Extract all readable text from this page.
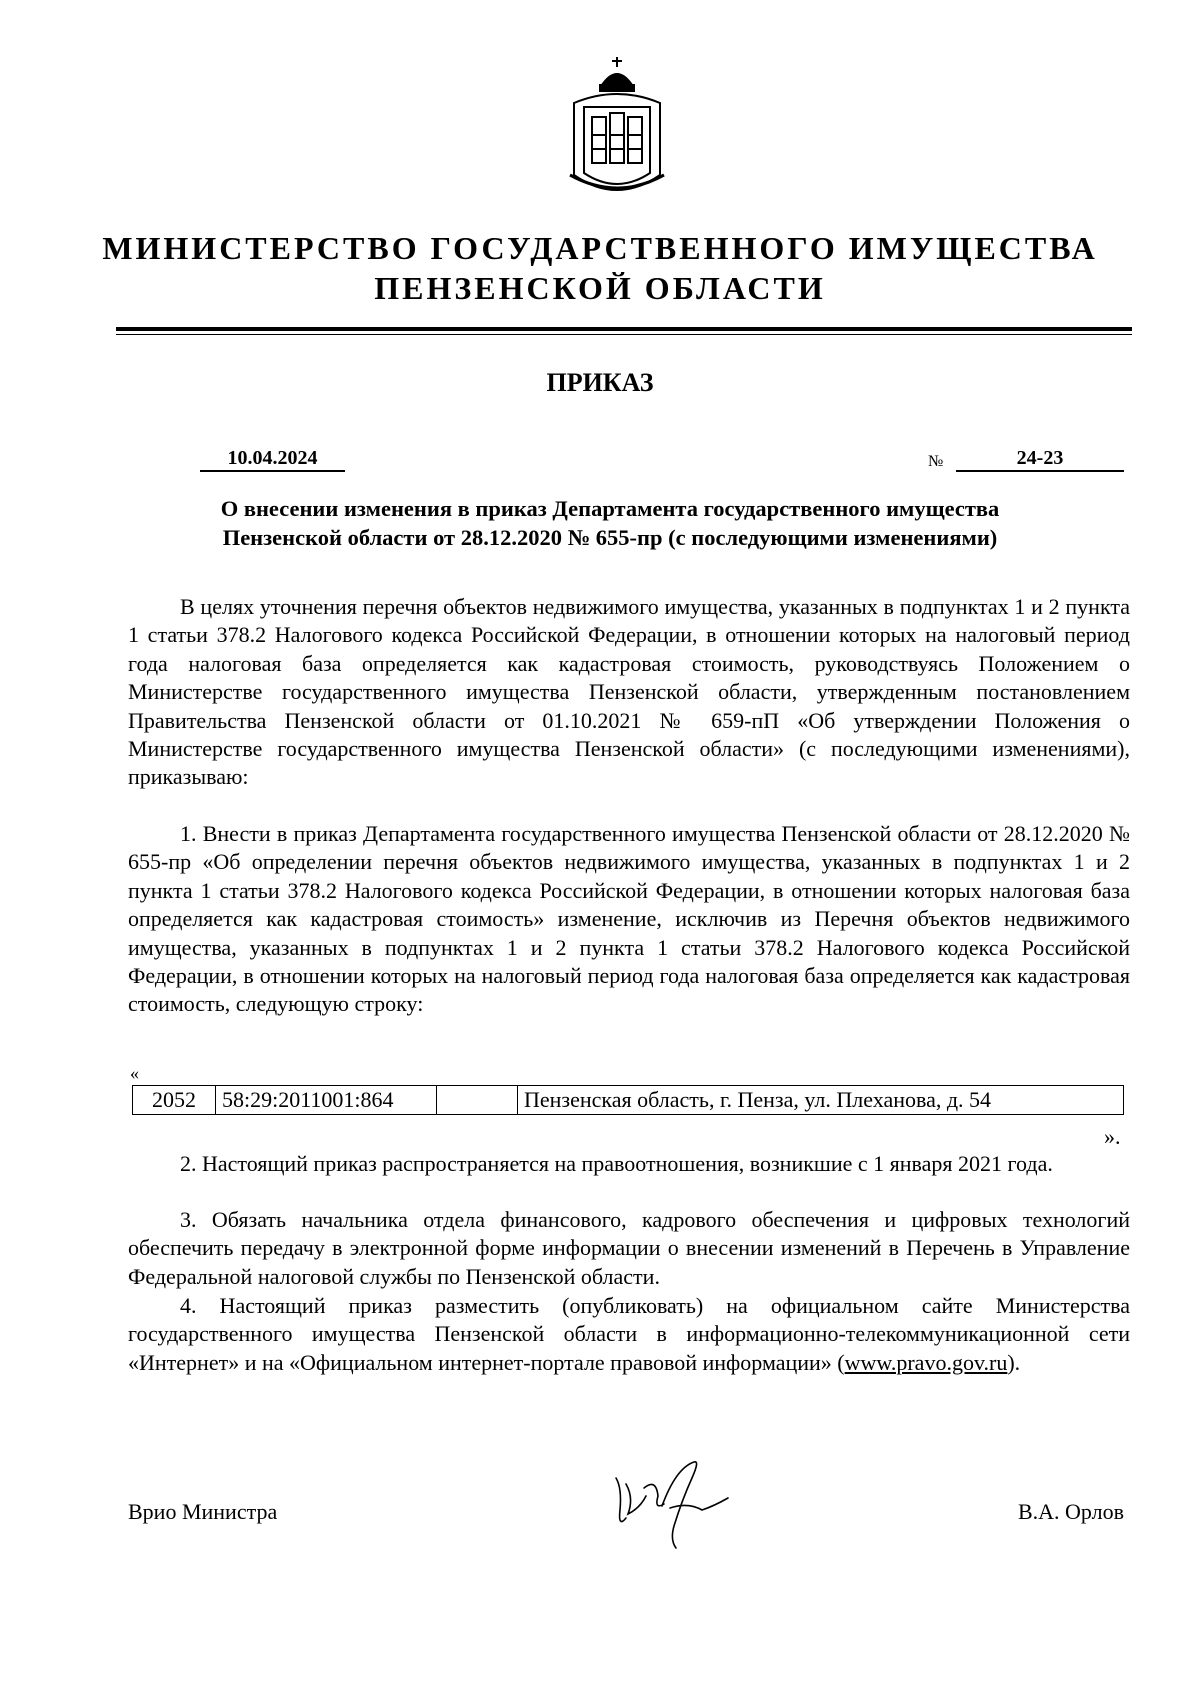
МИНИСТЕРСТВО ГОСУДАРСТВЕННОГО ИМУЩЕСТВА
ПЕНЗЕНСКОЙ ОБЛАСТИ
ПРИКАЗ
10.04.2024	№	24-23

О внесении изменения в приказ Департамента государственного имущества
Пензенской области от 28.12.2020 № 655-пр (с последующими изменениями)

В целях уточнения перечня объектов недвижимого имущества, указанных в подпунктах 1 и 2 пункта 1 статьи 378.2 Налогового кодекса Российской Федерации, в отношении которых на налоговый период года налоговая база определяется как кадастровая стоимость, руководствуясь Положением о Министерстве государственного имущества Пензенской области, утвержденным постановлением Правительства Пензенской области от 01.10.2021 № 659-пП «Об утверждении Положения о Министерстве государственного имущества Пензенской области» (с последующими изменениями), приказываю:

1. Внести в приказ Департамента государственного имущества Пензенской области от 28.12.2020 № 655-пр «Об определении перечня объектов недвижимого имущества, указанных в подпунктах 1 и 2 пункта 1 статьи 378.2 Налогового кодекса Российской Федерации, в отношении которых налоговая база определяется как кадастровая стоимость» изменение, исключив из Перечня объектов недвижимого имущества, указанных в подпунктах 1 и 2 пункта 1 статьи 378.2 Налогового кодекса Российской Федерации, в отношении которых на налоговый период года налоговая база определяется как кадастровая стоимость, следующую строку:

«
2052	58:29:2011001:864		Пензенская область, г. Пенза, ул. Плеханова, д. 54
».

2. Настоящий приказ распространяется на правоотношения, возникшие с 1 января 2021 года.

3. Обязать начальника отдела финансового, кадрового обеспечения и цифровых технологий обеспечить передачу в электронной форме информации о внесении изменений в Перечень в Управление Федеральной налоговой службы по Пензенской области.

4. Настоящий приказ разместить (опубликовать) на официальном сайте Министерства государственного имущества Пензенской области в информационно-телекоммуникационной сети «Интернет» и на «Официальном интернет-портале правовой информации» (www.pravo.gov.ru).

Врио Министра	В.А. Орлов
